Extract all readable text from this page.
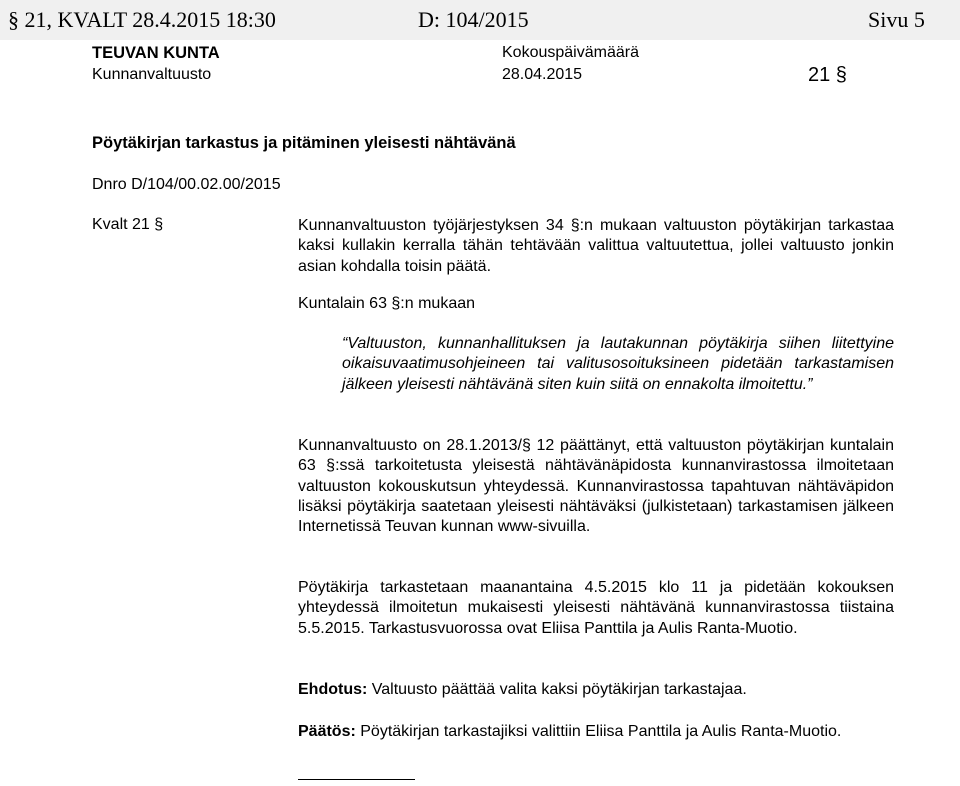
§ 21, KVALT 28.4.2015 18:30	D: 104/2015	Sivu 5
TEUVAN KUNTA
Kunnanvaltuusto
Kokouspäivämäärä
28.04.2015	21 §
Pöytäkirjan tarkastus ja pitäminen yleisesti nähtävänä
Dnro D/104/00.02.00/2015
Kvalt 21 §	Kunnanvaltuuston työjärjestyksen 34 §:n mukaan valtuuston pöytäkirjan tarkastaa kaksi kullakin kerralla tähän tehtävään valittua valtuutettua, jollei valtuusto jonkin asian kohdalla toisin päätä.
Kuntalain 63 §:n mukaan
“Valtuuston, kunnanhallituksen ja lautakunnan pöytäkirja siihen liitettyine oikaisuvaatimusohjeineen tai valitusosoituksineen pidetään tarkastamisen jälkeen yleisesti nähtävänä siten kuin siitä on ennakolta ilmoitettu.”
Kunnanvaltuusto on 28.1.2013/§ 12 päättänyt, että valtuuston pöytäkirjan kuntalain 63 §:ssä tarkoitetusta yleisestä nähtävänäpidosta kunnanvirastossa ilmoitetaan valtuuston kokouskutsun yhteydessä. Kunnanvirastossa tapahtuvan nähtäväpidon lisäksi pöytäkirja saatetaan yleisesti nähtäväksi (julkistetaan) tarkastamisen jälkeen Internetissä Teuvan kunnan www-sivuilla.
Pöytäkirja tarkastetaan maanantaina 4.5.2015 klo 11 ja pidetään kokouksen yhteydessä ilmoitetun mukaisesti yleisesti nähtävänä kunnanvirastossa tiistaina 5.5.2015. Tarkastusvuorossa ovat Eliisa Panttila ja Aulis Ranta-Muotio.
Ehdotus: Valtuusto päättää valita kaksi pöytäkirjan tarkastajaa.
Päätös: Pöytäkirjan tarkastajiksi valittiin Eliisa Panttila ja Aulis Ranta-Muotio.
